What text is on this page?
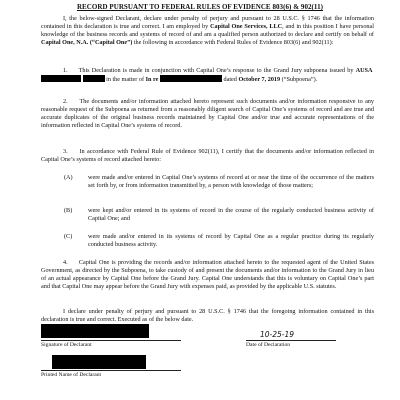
RECORD PURSUANT TO FEDERAL RULES OF EVIDENCE 803(6) & 902(11)

I, the below-signed Declarant, declare under penalty of perjury and pursuant to 28 U.S.C. § 1746 that the information contained in this declaration is true and correct. I am employed by Capital One Services, LLC, and in this position I have personal knowledge of the business records and systems of record of and am a qualified person authorized to declare and certify on behalf of Capital One, N.A. (“Capital One”) the following in accordance with Federal Rules of Evidence 803(6) and 902(11):

1. This Declaration is made in conjunction with Capital One’s response to the Grand Jury subpoena issued by AUSA   in the matter of In re	dated October 7, 2019 (“Subpoena”).

2. The documents and/or information attached hereto represent such documents and/or information responsive to any reasonable request of the Subpoena as returned from a reasonably diligent search of Capital One’s systems of record and are true and accurate duplicates of the original business records maintained by Capital One and/or true and accurate representations of the information reflected in Capital One’s systems of record.

3. In accordance with Federal Rule of Evidence 902(11), I certify that the documents and/or information reflected in Capital One’s systems of record attached hereto:

(A) were made and/or entered in Capital One’s systems of record at or near the time of the occurrence of the matters set forth by, or from information transmitted by, a person with knowledge of those matters;
(B)	were kept and/or entered in its systems of record in the course of the regularly conducted business activity of Capital One; and
(C)	were made and/or entered in its systems of record by Capital One as a regular practice during its regularly conducted business activity.

4. Capital One is providing the records and/or information attached hereto to the requested agent of the United States Government, as directed by the Subpoena, to take custody of and present the documents and/or information to the Grand Jury in lieu of an actual appearance by Capital One before the Grand Jury. Capital One understands that this is voluntary on Capital One’s part and that Capital One may appear before the Grand Jury with expenses paid, as provided by the applicable U.S. statutes.

I declare under penalty of perjury and pursuant to 28 U.S.C. § 1746 that the foregoing information contained in this declaration is true and correct. Executed as of the below date.

Signature of Declarant
10-25-19
Date of Declaration
Printed Name of Declarant
